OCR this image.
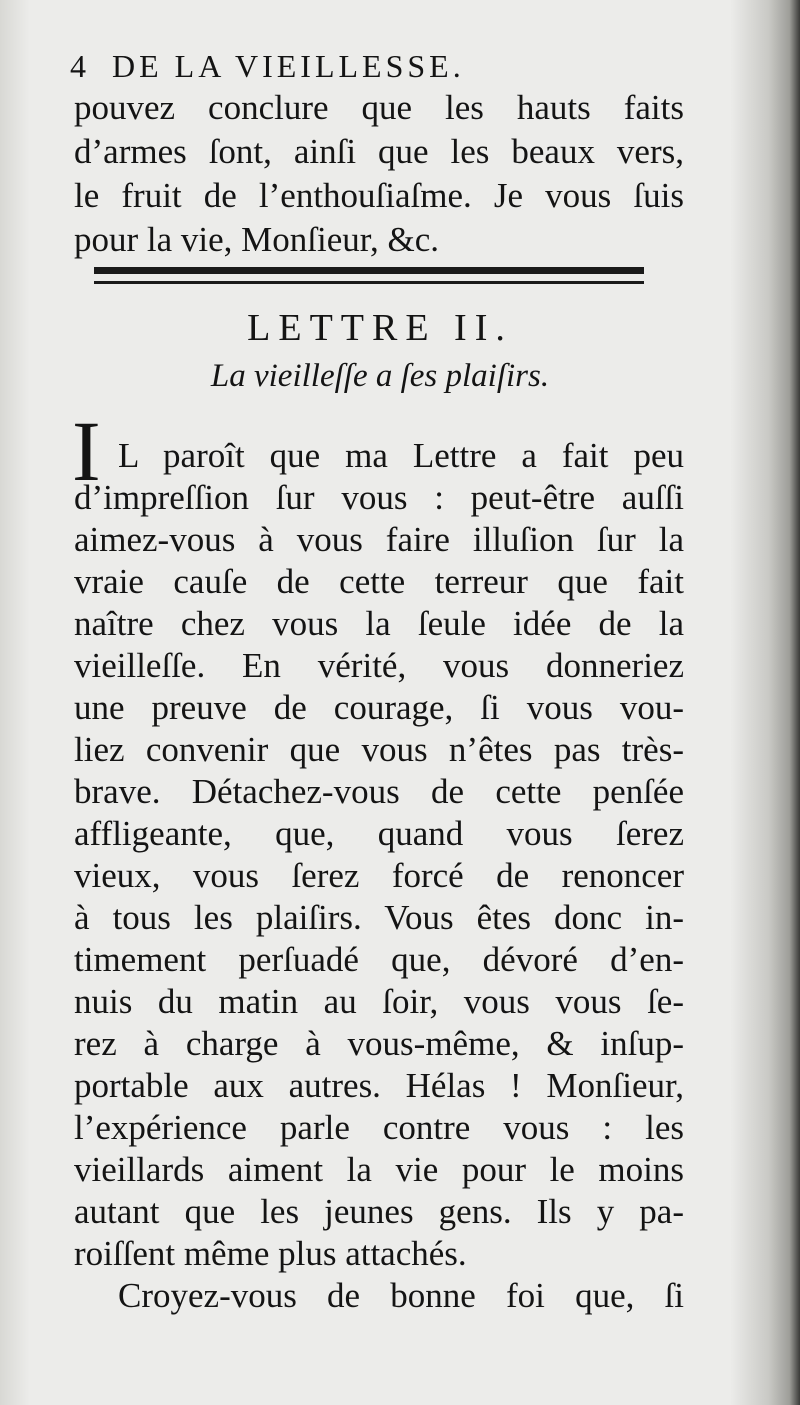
4 DE LA VIEILLESSE.
pouvez conclure que les hauts faits
d’armes ſont, ainſi que les beaux vers,
le fruit de l’enthouſiaſme. Je vous ſuis
pour la vie, Monſieur, &c.
LETTRE II.
La vieilleſſe a ſes plaiſirs.
I L paroît que ma Lettre a fait peu
d’impreſſion ſur vous : peut-être auſſi
aimez-vous à vous faire illuſion ſur la
vraie cauſe de cette terreur que fait
naître chez vous la ſeule idée de la
vieilleſſe. En vérité, vous donneriez
une preuve de courage, ſi vous vou-
liez convenir que vous n’êtes pas très-
brave. Détachez-vous de cette penſée
affligeante, que, quand vous ſerez
vieux, vous ſerez forcé de renoncer
à tous les plaiſirs. Vous êtes donc in-
timement perſuadé que, dévoré d’en-
nuis du matin au ſoir, vous vous ſe-
rez à charge à vous-même, & inſup-
portable aux autres. Hélas ! Monſieur,
l’expérience parle contre vous : les
vieillards aiment la vie pour le moins
autant que les jeunes gens. Ils y pa-
roiſſent même plus attachés.
Croyez-vous de bonne foi que, ſi
